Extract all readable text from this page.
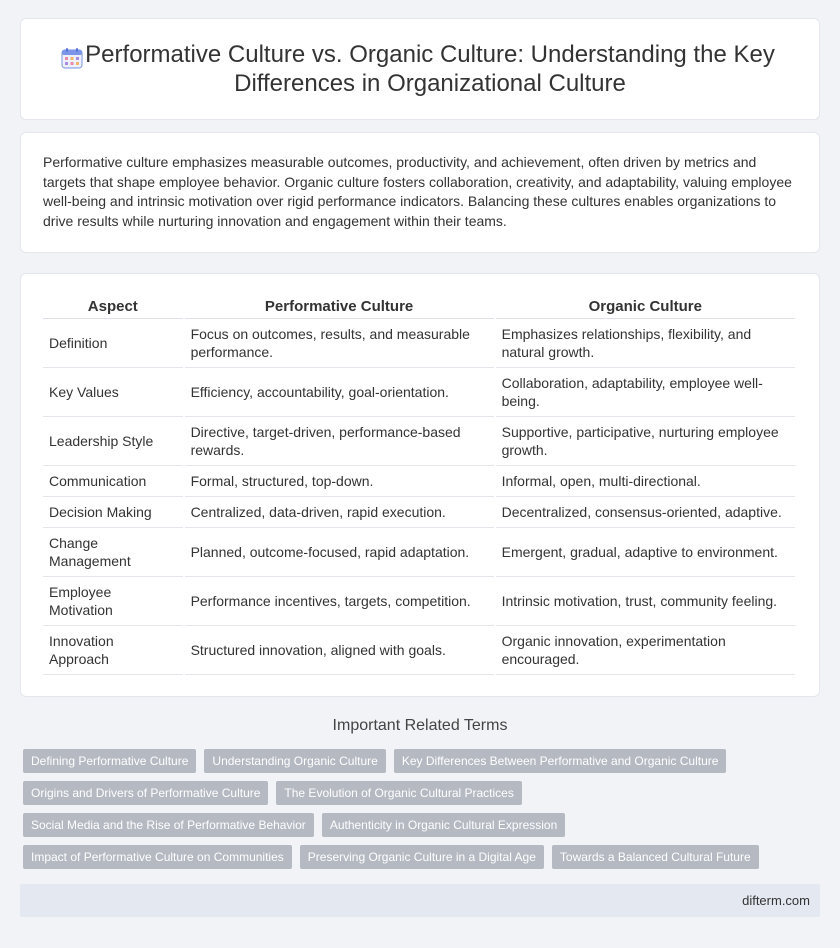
Performative Culture vs. Organic Culture: Understanding the Key Differences in Organizational Culture

Performative culture emphasizes measurable outcomes, productivity, and achievement, often driven by metrics and targets that shape employee behavior. Organic culture fosters collaboration, creativity, and adaptability, valuing employee well-being and intrinsic motivation over rigid performance indicators. Balancing these cultures enables organizations to drive results while nurturing innovation and engagement within their teams.

Aspect	Performative Culture	Organic Culture
Definition	Focus on outcomes, results, and measurable performance.	Emphasizes relationships, flexibility, and natural growth.
Key Values	Efficiency, accountability, goal-orientation.	Collaboration, adaptability, employee well-being.
Leadership Style	Directive, target-driven, performance-based rewards.	Supportive, participative, nurturing employee growth.
Communication	Formal, structured, top-down.	Informal, open, multi-directional.
Decision Making	Centralized, data-driven, rapid execution.	Decentralized, consensus-oriented, adaptive.
Change Management	Planned, outcome-focused, rapid adaptation.	Emergent, gradual, adaptive to environment.
Employee Motivation	Performance incentives, targets, competition.	Intrinsic motivation, trust, community feeling.
Innovation Approach	Structured innovation, aligned with goals.	Organic innovation, experimentation encouraged.
Important Related Terms
Defining Performative Culture	Understanding Organic Culture	Key Differences Between Performative and Organic Culture
Origins and Drivers of Performative Culture	The Evolution of Organic Cultural Practices
Social Media and the Rise of Performative Behavior	Authenticity in Organic Cultural Expression
Impact of Performative Culture on Communities	Preserving Organic Culture in a Digital Age	Towards a Balanced Cultural Future
difterm.com
